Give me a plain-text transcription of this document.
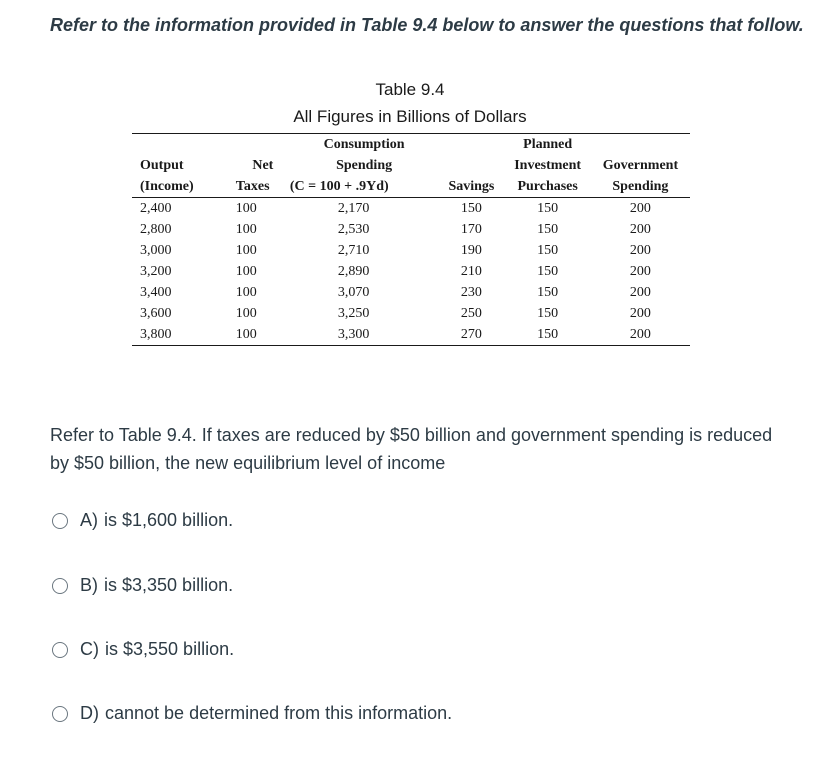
Refer to the information provided in Table 9.4 below to answer the questions that follow.
Table 9.4
All Figures in Billions of Dollars
		Consumption		Planned	
Output	Net	Spending		Investment	Government
(Income)	Taxes	(C = 100 + .9Yd)	Savings	Purchases	Spending
2,400	100	2,170	150	150	200
2,800	100	2,530	170	150	200
3,000	100	2,710	190	150	200
3,200	100	2,890	210	150	200
3,400	100	3,070	230	150	200
3,600	100	3,250	250	150	200
3,800	100	3,300	270	150	200
Refer to Table 9.4. If taxes are reduced by $50 billion and government spending is reduced by $50 billion, the new equilibrium level of income
A) is $1,600 billion.
B) is $3,350 billion.
C) is $3,550 billion.
D) cannot be determined from this information.
